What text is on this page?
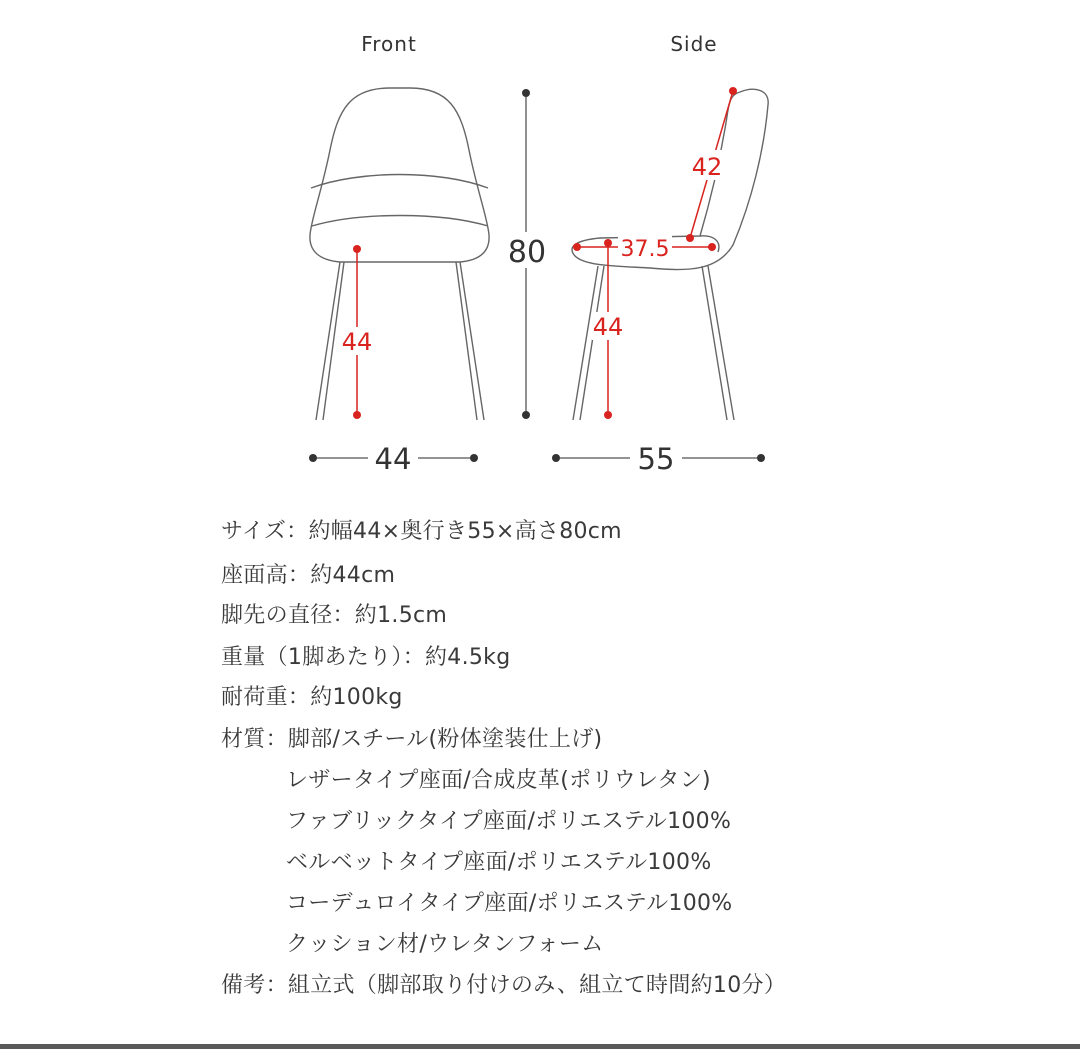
44
80
42
37.5
44
44	55
Front	Side
サイズ：約幅44×奥行き55×高さ80cm
座面高：約44cm
脚先の直径：約1.5cm
重量（1脚あたり）：約4.5kg
耐荷重：約100kg
材質：脚部/スチール(粉体塗装仕上げ)
レザータイプ座面/合成皮革(ポリウレタン)
ファブリックタイプ座面/ポリエステル100%
ベルベットタイプ座面/ポリエステル100%
コーデュロイタイプ座面/ポリエステル100%
クッション材/ウレタンフォーム
備考：組立式（脚部取り付けのみ、組立て時間約10分）
